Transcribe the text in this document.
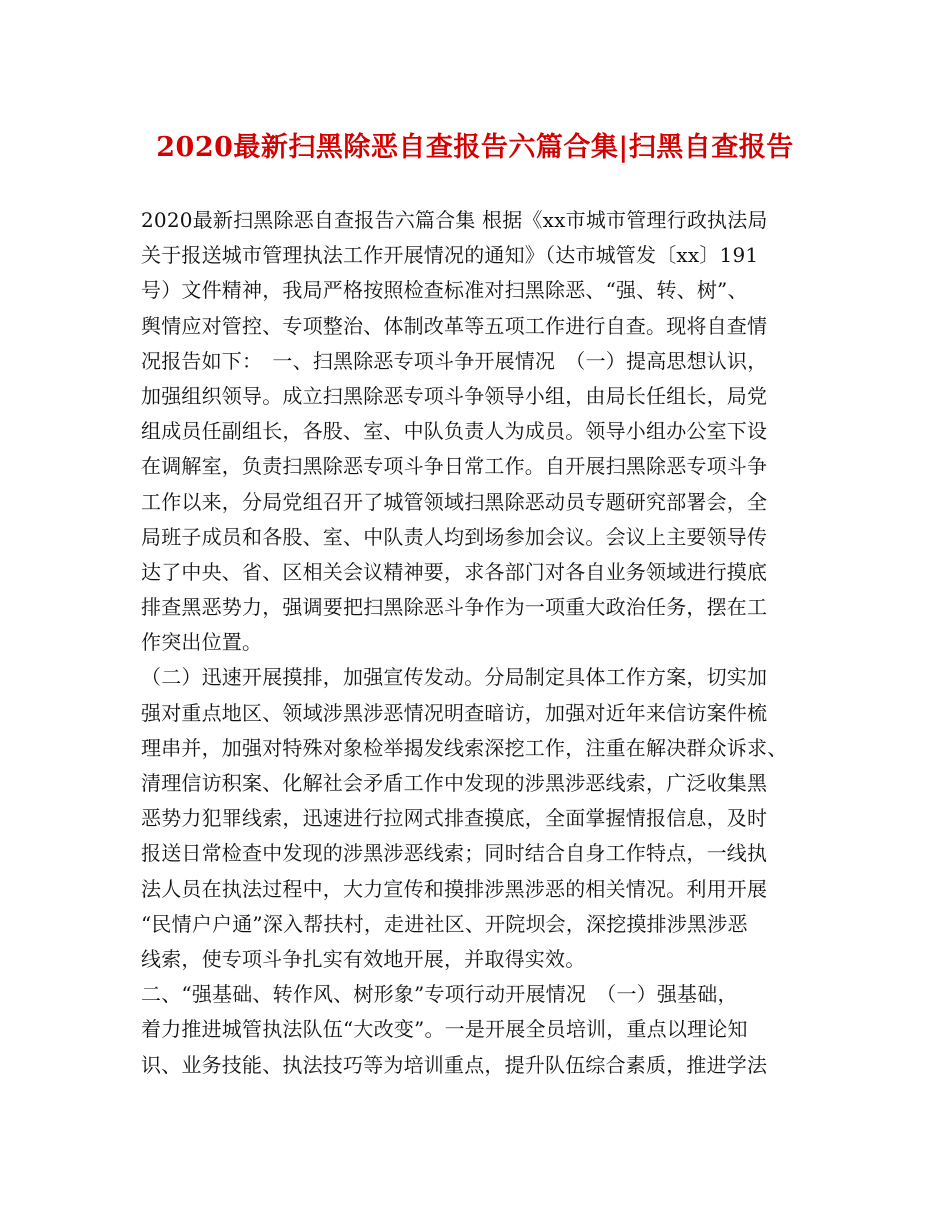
2020最新扫黑除恶自查报告六篇合集|扫黑自查报告
2020最新扫黑除恶自查报告六篇合集 根据《xx市城市管理行政执法局
关于报送城市管理执法工作开展情况的通知》（达市城管发〔xx〕191
号）文件精神，我局严格按照检查标准对扫黑除恶、“强、转、树”、
舆情应对管控、专项整治、体制改革等五项工作进行自查。现将自查情
况报告如下：　一、扫黑除恶专项斗争开展情况　（一）提高思想认识，
加强组织领导。成立扫黑除恶专项斗争领导小组，由局长任组长，局党
组成员任副组长，各股、室、中队负责人为成员。领导小组办公室下设
在调解室，负责扫黑除恶专项斗争日常工作。自开展扫黑除恶专项斗争
工作以来，分局党组召开了城管领域扫黑除恶动员专题研究部署会，全
局班子成员和各股、室、中队责人均到场参加会议。会议上主要领导传
达了中央、省、区相关会议精神要，求各部门对各自业务领域进行摸底
排查黑恶势力，强调要把扫黑除恶斗争作为一项重大政治任务，摆在工
作突出位置。
（二）迅速开展摸排，加强宣传发动。分局制定具体工作方案，切实加
强对重点地区、领域涉黑涉恶情况明查暗访，加强对近年来信访案件梳
理串并，加强对特殊对象检举揭发线索深挖工作，注重在解决群众诉求、
清理信访积案、化解社会矛盾工作中发现的涉黑涉恶线索，广泛收集黑
恶势力犯罪线索，迅速进行拉网式排查摸底，全面掌握情报信息，及时
报送日常检查中发现的涉黑涉恶线索；同时结合自身工作特点，一线执
法人员在执法过程中，大力宣传和摸排涉黑涉恶的相关情况。利用开展
“民情户户通”深入帮扶村，走进社区、开院坝会，深挖摸排涉黑涉恶
线索，使专项斗争扎实有效地开展，并取得实效。
二、“强基础、转作风、树形象”专项行动开展情况　（一）强基础，
着力推进城管执法队伍“大改变”。一是开展全员培训，重点以理论知
识、业务技能、执法技巧等为培训重点，提升队伍综合素质，推进学法
